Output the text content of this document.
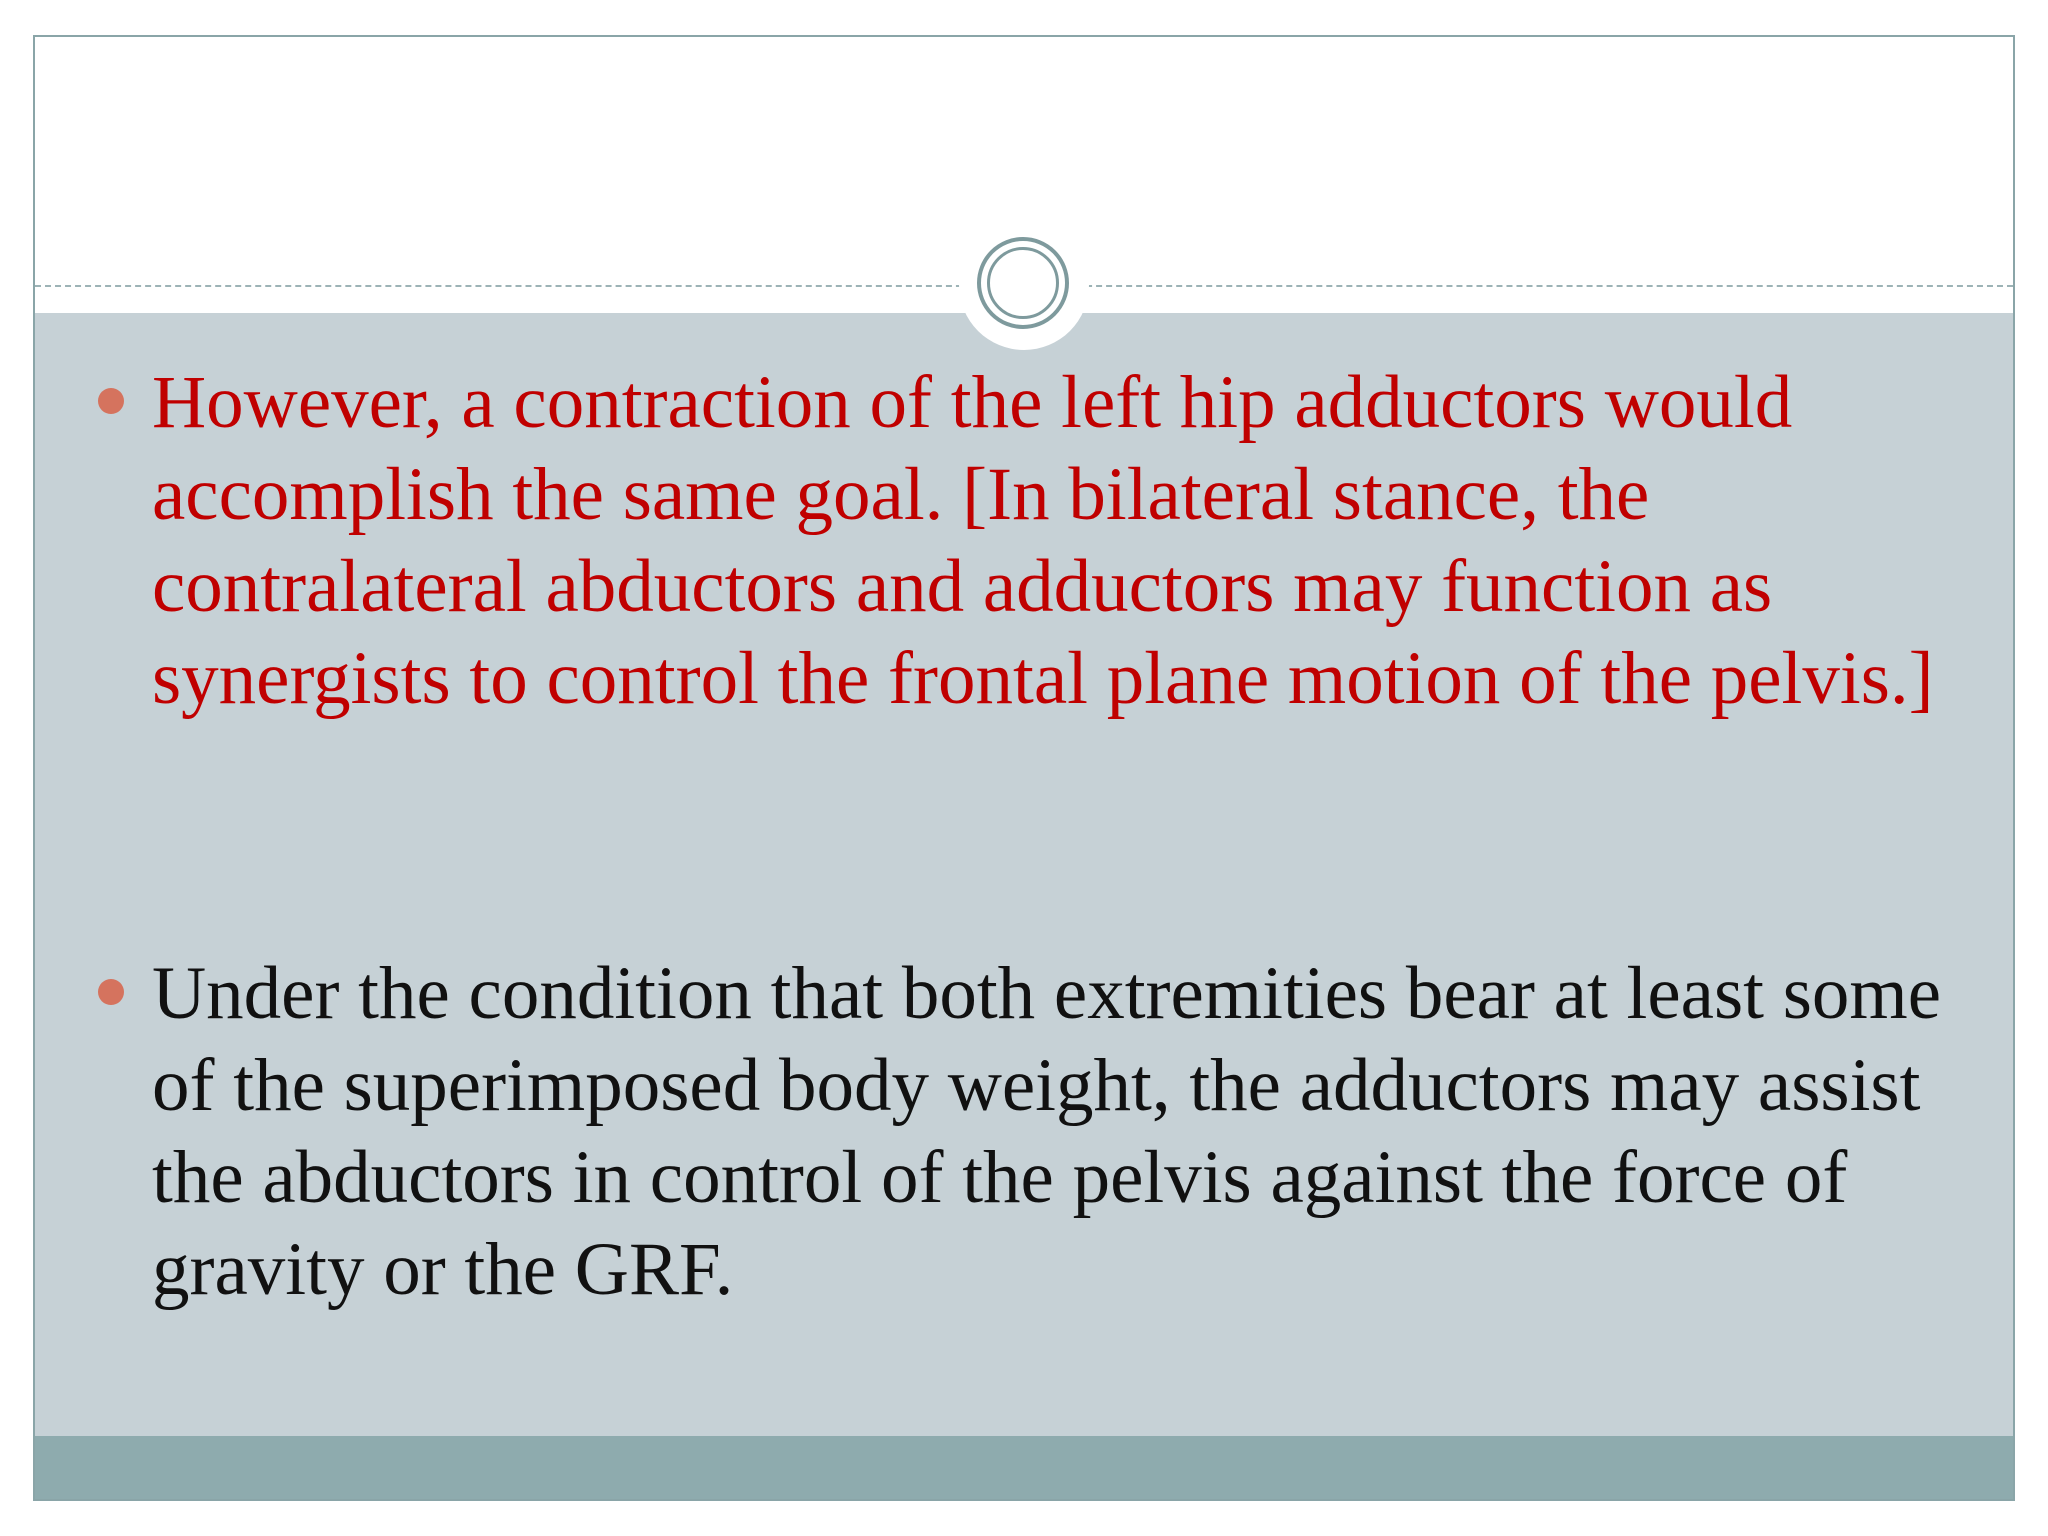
However, a contraction of the left hip adductors would accomplish the same goal. [In bilateral stance, the contralateral abductors and adductors may function as synergists to control the frontal plane motion of the pelvis.]
Under the condition that both extremities bear at least some of the superimposed body weight, the adductors may assist the abductors in control of the pelvis against the force of gravity or the GRF.
